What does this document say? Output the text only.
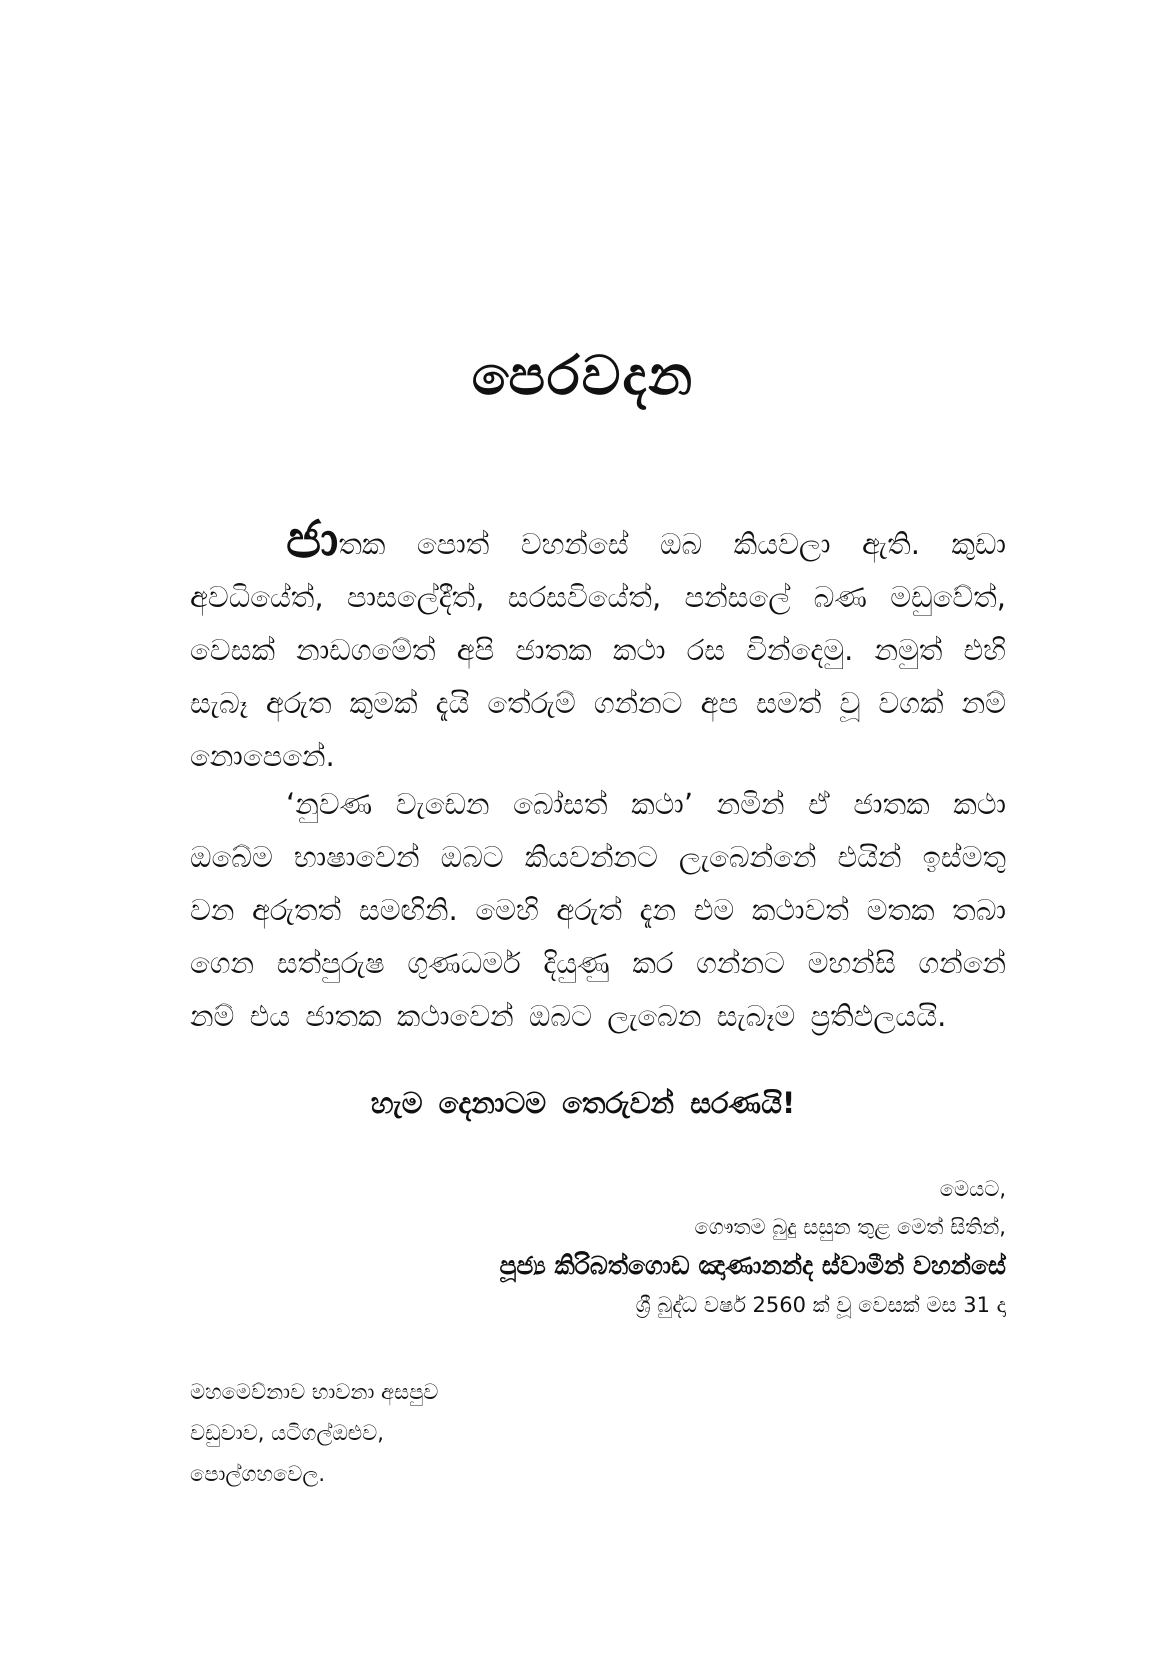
පෙරවදන
ජාතක පොත් වහන්සේ ඔබ කියවලා ඇති. කුඩා අවධියේත්, පාසලේදීත්, සරසවියේත්, පන්සලේ බණ මඩුවේත්, වෙසක් නාඩගමේත් අපි ජාතක කථා රස වින්දෙමු. නමුත් එහි සැබෑ අරුත කුමක් දැයි තේරුම් ගන්නට අප සමත් වූ වගක් නම් නොපෙනේ.
‘නුවණ වැඩෙන බෝසත් කථා’ නමින් ඒ ජාතක කථා ඔබේම භාෂාවෙන් ඔබට කියවන්නට ලැබෙන්නේ එයින් ඉස්මතු වන අරුතත් සමඟිනි. මෙහි අරුත් දැන එම කථාවත් මතක තබා ගෙන සත්පුරුෂ ගුණධර්ම දියුණු කර ගන්නට මහන්සි ගන්නේ නම් එය ජාතක කථාවෙන් ඔබට ලැබෙන සැබෑම ප්‍රතිඵලයයි.
හැම දෙනාටම තෙරුවන් සරණයි!
මෙයට,
ගෞතම බුදු සසුන තුළ මෙත් සිතින්,
පූජ්‍ය කිරිබත්ගොඩ ඤාණානන්ද ස්වාමීන් වහන්සේ
ශ්‍රී බුද්ධ වර්ෂ 2560 ක් වූ වෙසක් මස 31 දා
මහමෙව්නාව භාවනා අසපුව
වඩුවාව, යටිගල්ඔළුව,
පොල්ගහවෙල.
